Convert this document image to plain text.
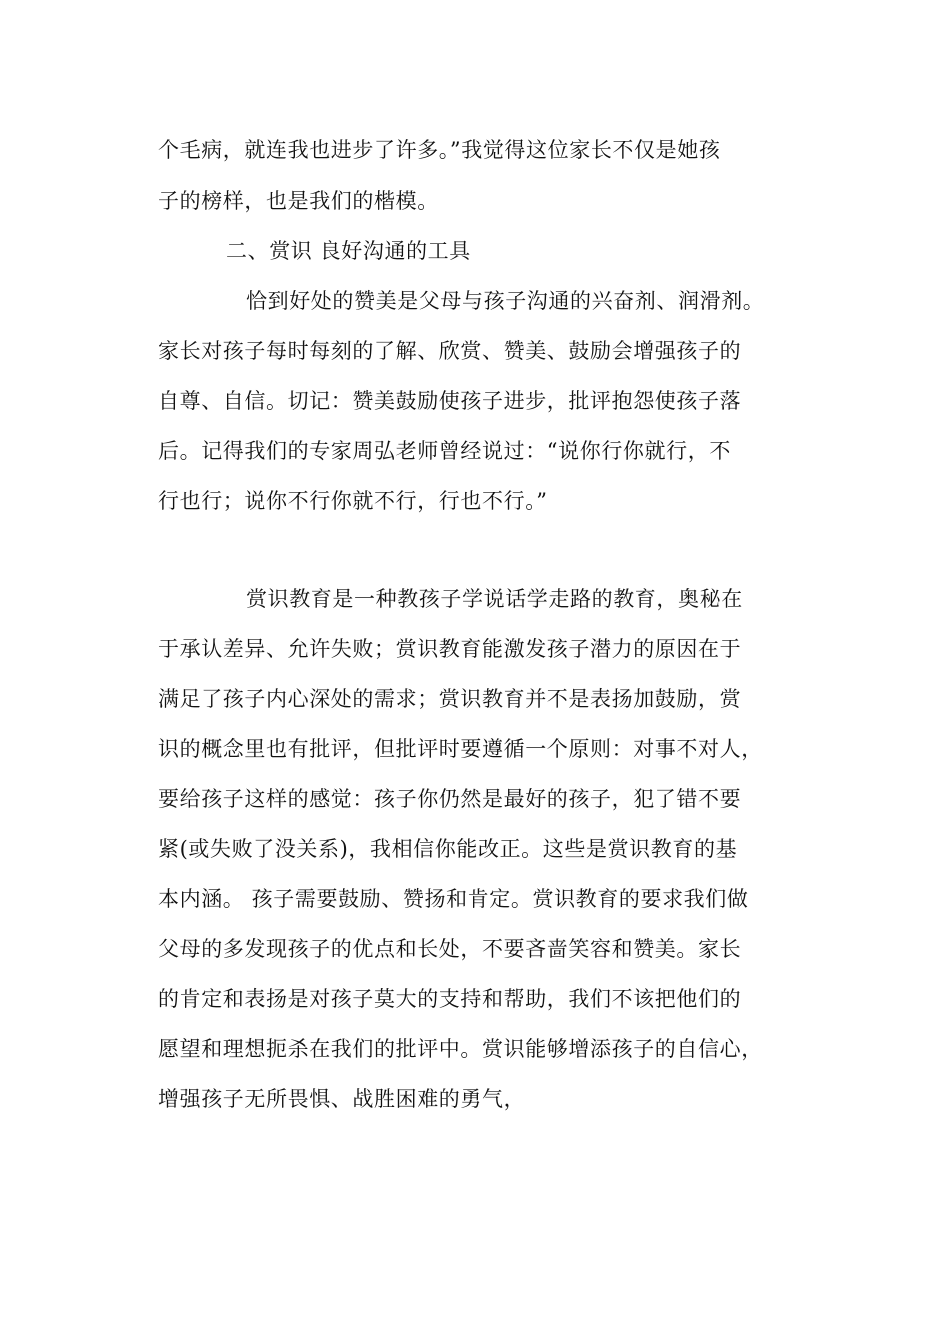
个毛病，就连我也进步了许多。”我觉得这位家长不仅是她孩
子的榜样，也是我们的楷模。
二、赏识 良好沟通的工具
恰到好处的赞美是父母与孩子沟通的兴奋剂、润滑剂。
家长对孩子每时每刻的了解、欣赏、赞美、鼓励会增强孩子的
自尊、自信。切记：赞美鼓励使孩子进步，批评抱怨使孩子落
后。记得我们的专家周弘老师曾经说过：“说你行你就行，不
行也行；说你不行你就不行，行也不行。”
赏识教育是一种教孩子学说话学走路的教育，奥秘在
于承认差异、允许失败；赏识教育能激发孩子潜力的原因在于
满足了孩子内心深处的需求；赏识教育并不是表扬加鼓励，赏
识的概念里也有批评，但批评时要遵循一个原则：对事不对人，
要给孩子这样的感觉：孩子你仍然是最好的孩子，犯了错不要
紧(或失败了没关系)，我相信你能改正。这些是赏识教育的基
本内涵。 孩子需要鼓励、赞扬和肯定。赏识教育的要求我们做
父母的多发现孩子的优点和长处，不要吝啬笑容和赞美。家长
的肯定和表扬是对孩子莫大的支持和帮助，我们不该把他们的
愿望和理想扼杀在我们的批评中。赏识能够增添孩子的自信心，
增强孩子无所畏惧、战胜困难的勇气，
